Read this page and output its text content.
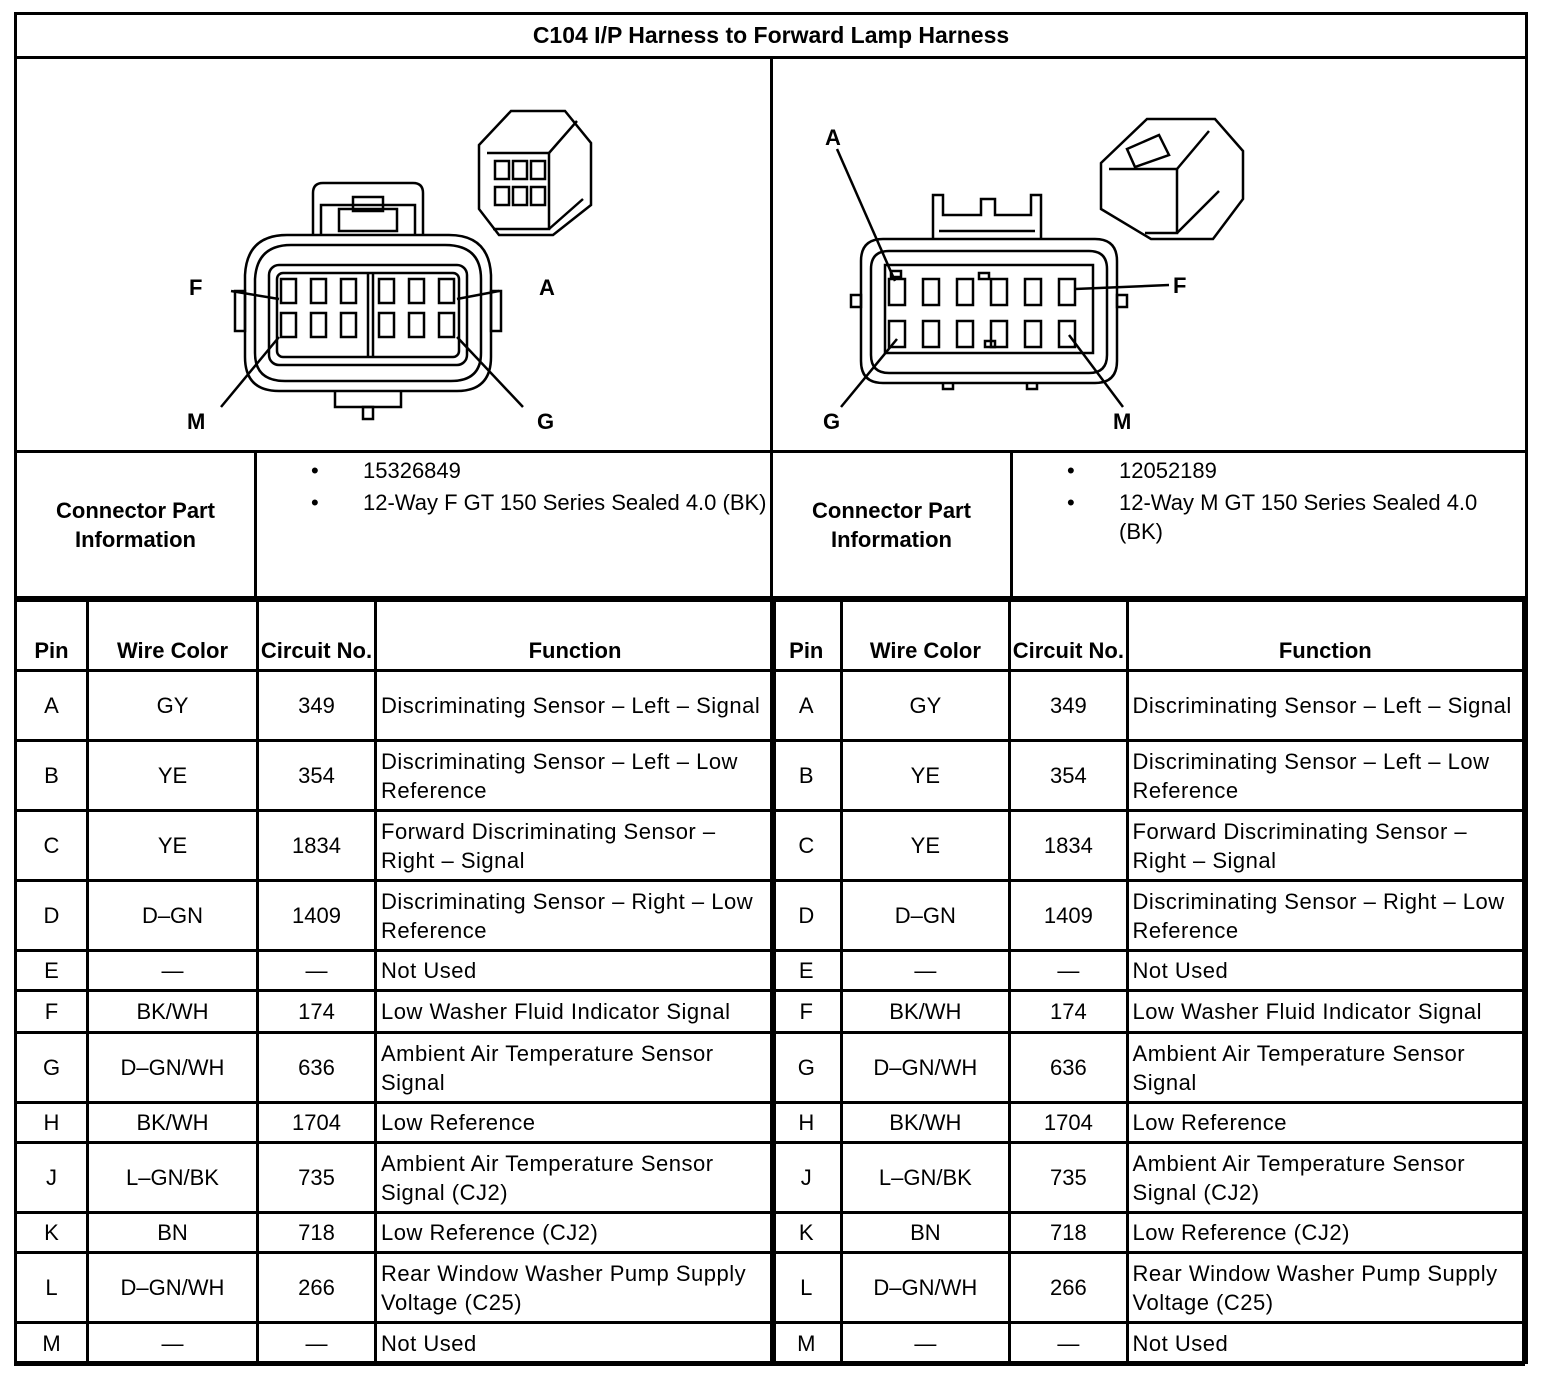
C104 I/P Harness to Forward Lamp Harness
F	A
M	G
A
F
G	M
Connector Part Information
• 15326849
• 12-Way F GT 150 Series Sealed 4.0 (BK)	Connector Part Information
• 12052189
• 12-Way M GT 150 Series Sealed 4.0 (BK)
Pin	Wire Color	Circuit No.	Function
A	GY	349	Discriminating Sensor – Left – Signal
B	YE	354	Discriminating Sensor – Left – Low Reference
C	YE	1834	Forward Discriminating Sensor – Right – Signal
D	D–GN	1409	Discriminating Sensor – Right – Low Reference
E	—	—	Not Used
F	BK/WH	174	Low Washer Fluid Indicator Signal
G	D–GN/WH	636	Ambient Air Temperature Sensor Signal
H	BK/WH	1704	Low Reference
J	L–GN/BK	735	Ambient Air Temperature Sensor Signal (CJ2)
K	BN	718	Low Reference (CJ2)
L	D–GN/WH	266	Rear Window Washer Pump Supply Voltage (C25)
M	—	—	Not Used
Pin	Wire Color	Circuit No.	Function
A	GY	349	Discriminating Sensor – Left – Signal
B	YE	354	Discriminating Sensor – Left – Low Reference
C	YE	1834	Forward Discriminating Sensor – Right – Signal
D	D–GN	1409	Discriminating Sensor – Right – Low Reference
E	—	—	Not Used
F	BK/WH	174	Low Washer Fluid Indicator Signal
G	D–GN/WH	636	Ambient Air Temperature Sensor Signal
H	BK/WH	1704	Low Reference
J	L–GN/BK	735	Ambient Air Temperature Sensor Signal (CJ2)
K	BN	718	Low Reference (CJ2)
L	D–GN/WH	266	Rear Window Washer Pump Supply Voltage (C25)
M	—	—	Not Used
